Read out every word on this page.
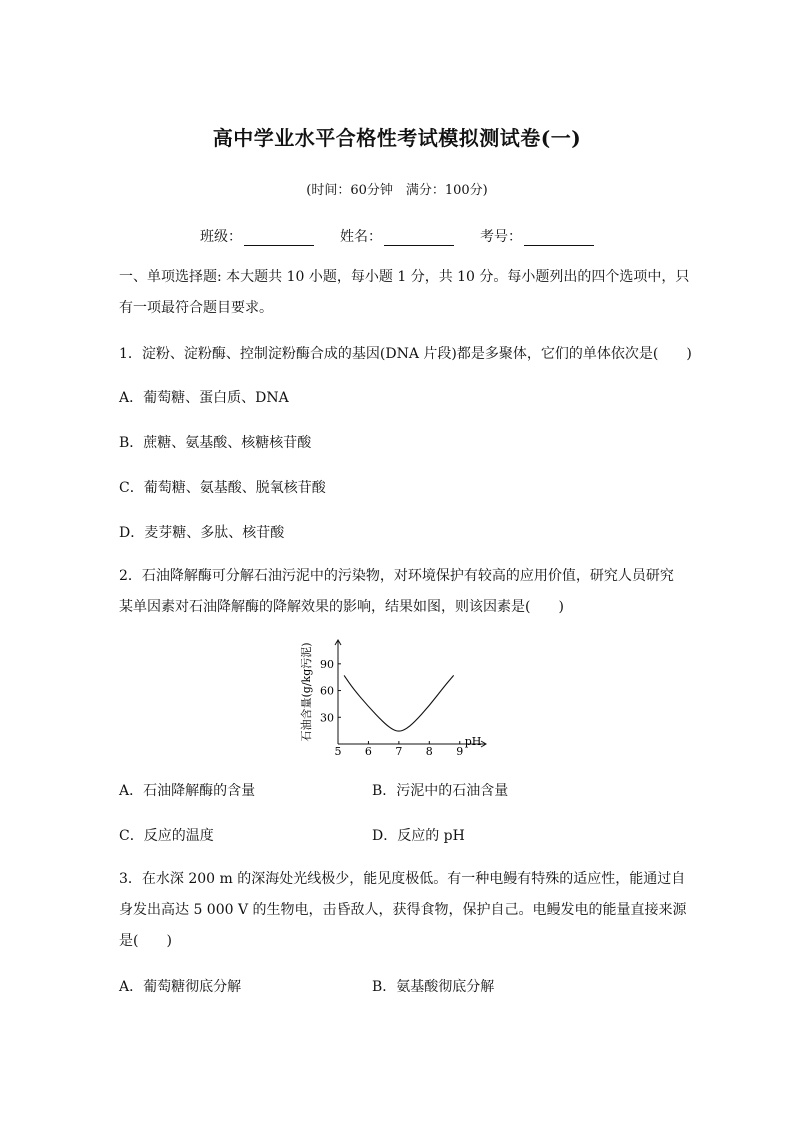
高中学业水平合格性考试模拟测试卷(一)
(时间：60分钟　满分：100分)
班级：	姓名：	考号：
一、单项选择题: 本大题共 10 小题，每小题 1 分，共 10 分。每小题列出的四个选项中，只
有一项最符合题目要求。
1．淀粉、淀粉酶、控制淀粉酶合成的基因(DNA 片段)都是多聚体，它们的单体依次是(　　)
A．葡萄糖、蛋白质、DNA
B．蔗糖、氨基酸、核糖核苷酸
C．葡萄糖、氨基酸、脱氧核苷酸
D．麦芽糖、多肽、核苷酸
2．石油降解酶可分解石油污泥中的污染物，对环境保护有较高的应用价值，研究人员研究
某单因素对石油降解酶的降解效果的影响，结果如图，则该因素是(　　)
5 6 7 8 9
pH
30
60
90
石油含量(g/kg污泥)
A．石油降解酶的含量	B．污泥中的石油含量
C．反应的温度	D．反应的 pH
3．在水深 200 m 的深海处光线极少，能见度极低。有一种电鳗有特殊的适应性，能通过自
身发出高达 5 000 V 的生物电，击昏敌人，获得食物，保护自己。电鳗发电的能量直接来源
是(　　)
A．葡萄糖彻底分解	B．氨基酸彻底分解
